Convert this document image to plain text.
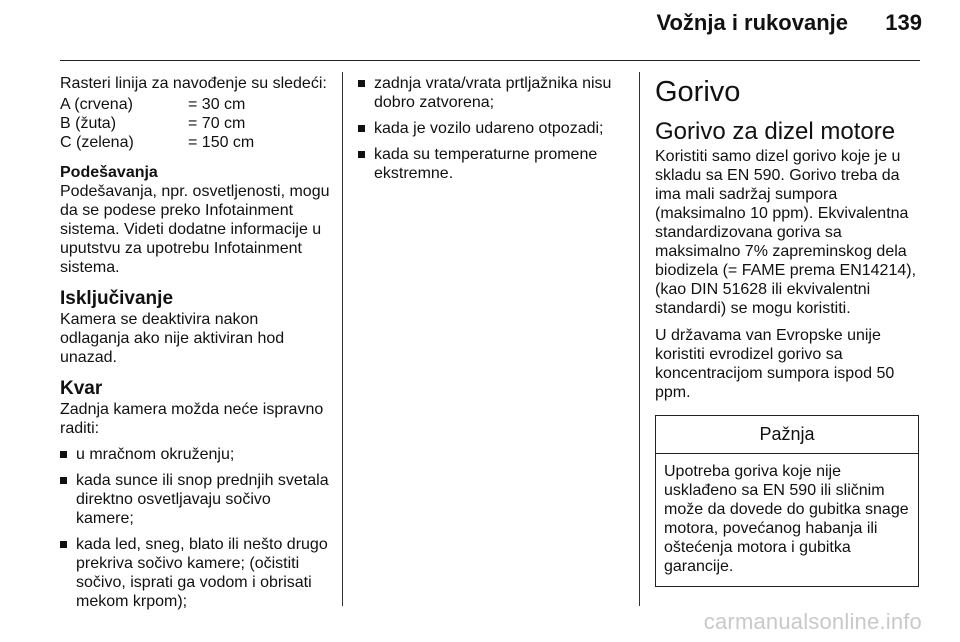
Vožnja i rukovanje 139

Rasteri linija za navođenje su sledeći:

A (crvena)	= 30 cm
B (žuta)	= 70 cm
C (zelena)	= 150 cm
Podešavanja

Podešavanja, npr. osvetljenosti, mogu da se podese preko Infotainment sistema. Videti dodatne informacije u uputstvu za upotrebu Infotainment sistema.

Isključivanje

Kamera se deaktivira nakon odlaganja ako nije aktiviran hod unazad.

Kvar

Zadnja kamera možda neće ispravno raditi:

u mračnom okruženju;
kada sunce ili snop prednjih svetala direktno osvetljavaju sočivo kamere;
kada led, sneg, blato ili nešto drugo prekriva sočivo kamere; (očistiti sočivo, isprati ga vodom i obrisati mekom krpom);
zadnja vrata/vrata prtljažnika nisu dobro zatvorena;
kada je vozilo udareno otpozadi;
kada su temperaturne promene ekstremne.
Gorivo
Gorivo za dizel motore

Koristiti samo dizel gorivo koje je u skladu sa EN 590. Gorivo treba da ima mali sadržaj sumpora (maksimalno 10 ppm). Ekvivalentna standardizovana goriva sa maksimalno 7% zapreminskog dela biodizela (= FAME prema EN14214), (kao DIN 51628 ili ekvivalentni standardi) se mogu koristiti.

U državama van Evropske unije koristiti evrodizel gorivo sa koncentracijom sumpora ispod 50 ppm.

Pažnja
Upotreba goriva koje nije usklađeno sa EN 590 ili sličnim može da dovede do gubitka snage motora, povećanog habanja ili oštećenja motora i gubitka garancije.
carmanualsonline.info
